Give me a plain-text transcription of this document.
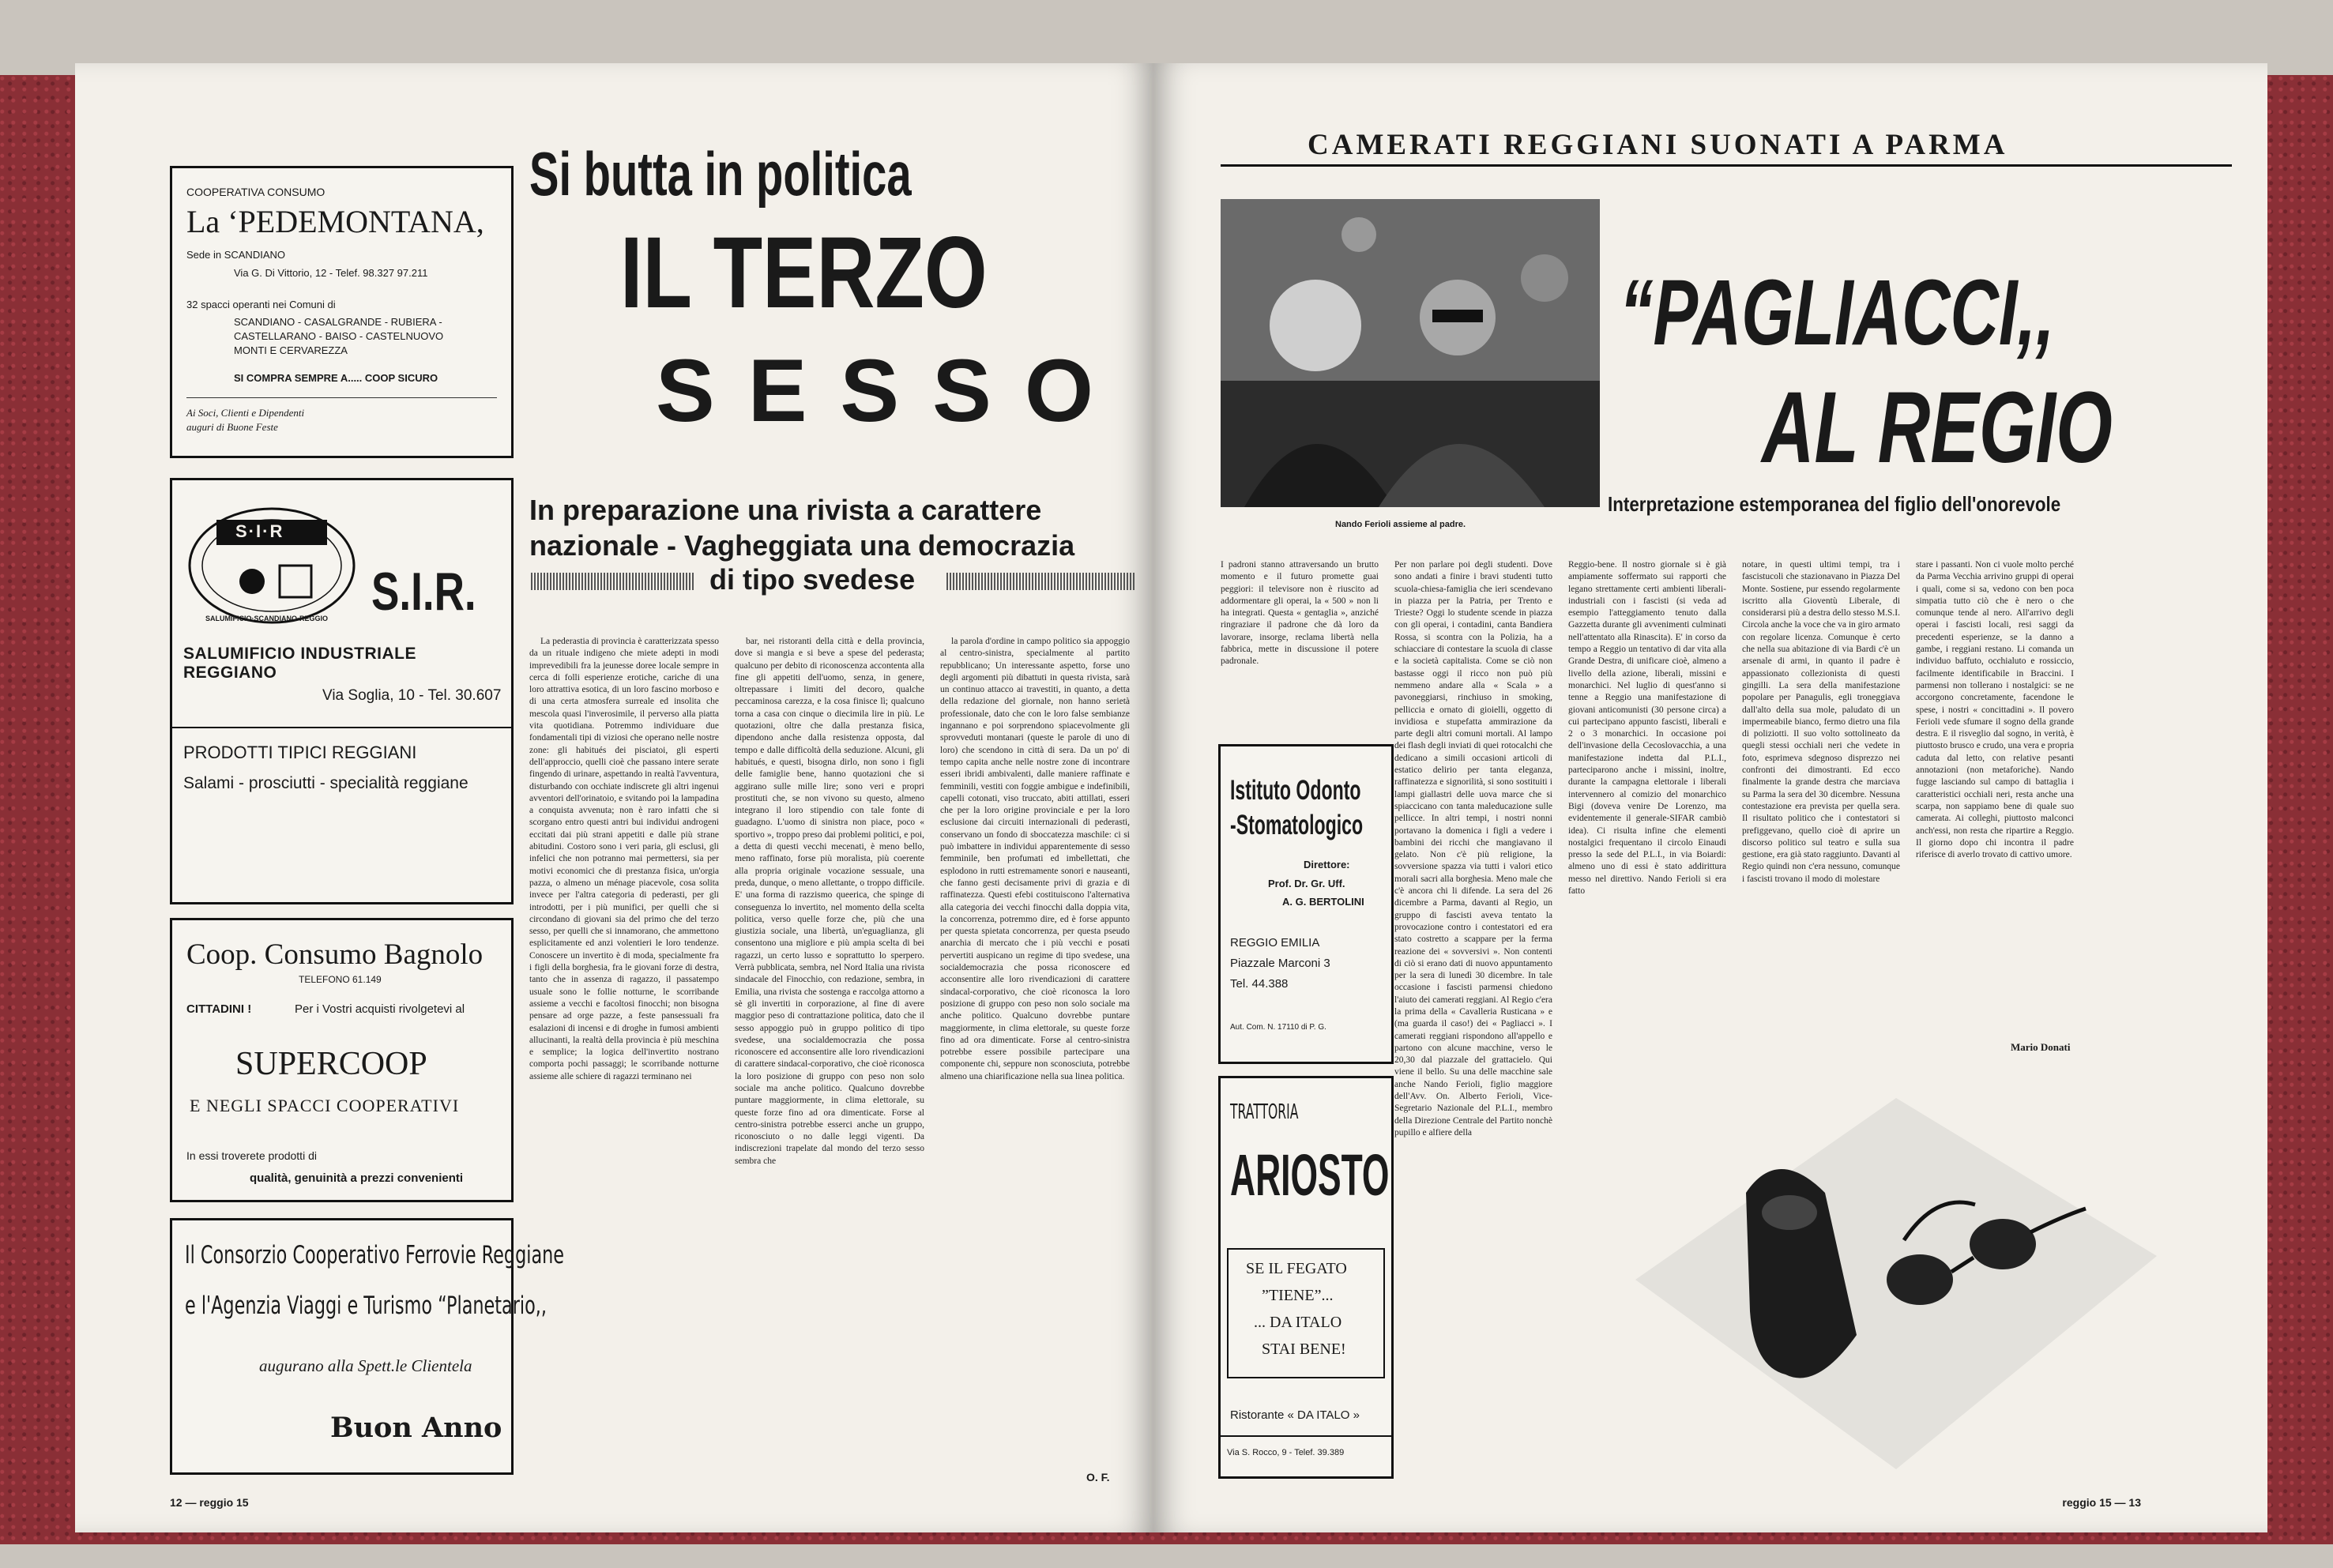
COOPERATIVA CONSUMO
La ‘PEDEMONTANA,
Sede in SCANDIANO
Via G. Di Vittorio, 12 - Telef. 98.327 97.211
32 spacci operanti nei Comuni di
SCANDIANO - CASALGRANDE - RUBIERA -
CASTELLARANO - BAISO - CASTELNUOVO
MONTI E CERVAREZZA
SI COMPRA SEMPRE A..... COOP SICURO
Ai Soci, Clienti e Dipendenti
auguri di Buone Feste
S·I·R
SALUMIFICIO·SCANDIANO·REGGIO S.I.R.
SALUMIFICIO INDUSTRIALE REGGIANO
Via Soglia, 10 - Tel. 30.607
PRODOTTI TIPICI REGGIANI
Salami - prosciutti - specialità reggiane
Coop. Consumo Bagnolo
TELEFONO 61.149
CITTADINI !	Per i Vostri acquisti rivolgetevi al
SUPERCOOP
E NEGLI SPACCI COOPERATIVI
In essi troverete prodotti di
qualità, genuinità a prezzi convenienti
Il Consorzio Cooperativo Ferrovie Reggiane
e l'Agenzia Viaggi e Turismo “Planetario,,
augurano alla Spett.le Clientela
Buon Anno
Si butta in politica
IL TERZO
SESSO
In preparazione una rivista a carattere
nazionale - Vagheggiata una democrazia
di tipo svedese
La pederastia di provincia è caratterizzata spesso da un rituale indigeno che miete adepti in modi imprevedibili fra la jeunesse doree locale sempre in cerca di folli esperienze erotiche, cariche di una loro attrattiva esotica, di un loro fascino morboso e di una certa atmosfera surreale ed insolita che mescola quasi l'inverosimile, il perverso alla piatta vita quotidiana. Potremmo individuare due fondamentali tipi di viziosi che operano nelle nostre zone: gli habitués dei pisciatoi, gli esperti dell'approccio, quelli cioè che passano intere serate fingendo di urinare, aspettando in realtà l'avventura, disturbando con occhiate indiscrete gli altri ingenui avventori dell'orinatoio, e svitando poi la lampadina a conquista avvenuta; non è raro infatti che si scorgano entro questi antri bui individui androgeni eccitati dai più strani appetiti e dalle più strane abitudini. Costoro sono i veri paria, gli esclusi, gli infelici che non potranno mai permettersi, sia per motivi economici che di prestanza fisica, un'orgia pazza, o almeno un ménage piacevole, cosa solita invece per l'altra categoria di pederasti, per gli introdotti, per i più munifici, per quelli che si circondano di giovani sia del primo che del terzo sesso, per quelli che si innamorano, che ammettono esplicitamente ed anzi volentieri le loro tendenze. Conoscere un invertito è di moda, specialmente fra i figli della borghesia, fra le giovani forze di destra, tanto che in assenza di ragazzo, il passatempo usuale sono le follie notturne, le scorribande assieme a vecchi e facoltosi finocchi; non bisogna pensare ad orge pazze, a feste pansessuali fra esalazioni di incensi e di droghe in fumosi ambienti allucinanti, la realtà della provincia è più meschina e semplice; la logica dell'invertito nostrano comporta pochi passaggi; le scorribande notturne assieme alle schiere di ragazzi terminano nei
bar, nei ristoranti della città e della provincia, dove si mangia e si beve a spese del pederasta; qualcuno per debito di riconoscenza accontenta alla fine gli appetiti dell'uomo, senza, in genere, oltrepassare i limiti del decoro, qualche peccaminosa carezza, e la cosa finisce lì; qualcuno torna a casa con cinque o diecimila lire in più. Le quotazioni, oltre che dalla prestanza fisica, dipendono anche dalla resistenza opposta, dal tempo e dalle difficoltà della seduzione. Alcuni, gli habitués, e questi, bisogna dirlo, non sono i figli delle famiglie bene, hanno quotazioni che si aggirano sulle mille lire; sono veri e propri prostituti che, se non vivono su questo, almeno integrano il loro stipendio con tale fonte di guadagno. L'uomo di sinistra non piace, poco « sportivo », troppo preso dai problemi politici, e poi, a detta di questi vecchi mecenati, è meno bello, meno raffinato, forse più moralista, più coerente alla propria originale vocazione sessuale, una preda, dunque, o meno allettante, o troppo difficile. E' una forma di razzismo queerica, che spinge di conseguenza lo invertito, nel momento della scelta politica, verso quelle forze che, più che una giustizia sociale, una libertà, un'eguaglianza, gli consentono una migliore e più ampia scelta di bei ragazzi, un certo lusso e soprattutto lo sperpero. Verrà pubblicata, sembra, nel Nord Italia una rivista sindacale del Finocchio, con redazione, sembra, in Emilia, una rivista che sostenga e raccolga attorno a sè gli invertiti in corporazione, al fine di avere maggior peso di contrattazione politica, dato che il sesso appoggio può in gruppo politico di tipo svedese, una socialdemocrazia che possa riconoscere ed acconsentire alle loro rivendicazioni di carattere sindacal-corporativo, che cioè riconosca la loro posizione di gruppo con peso non solo sociale ma anche politico. Qualcuno dovrebbe puntare maggiormente, in clima elettorale, su queste forze fino ad ora dimenticate. Forse al centro-sinistra potrebbe esserci anche un gruppo, riconosciuto o no dalle leggi vigenti. Da indiscrezioni trapelate dal mondo del terzo sesso sembra che
la parola d'ordine in campo politico sia appoggio al centro-sinistra, specialmente al partito repubblicano; Un interessante aspetto, forse uno degli argomenti più dibattuti in questa rivista, sarà un continuo attacco ai travestiti, in quanto, a detta della redazione del giornale, non hanno serietà professionale, dato che con le loro false sembianze ingannano e poi sorprendono spiacevolmente gli sprovveduti montanari (queste le parole di uno di loro) che scendono in città di sera. Da un po' di tempo capita anche nelle nostre zone di incontrare esseri ibridi ambivalenti, dalle maniere raffinate e femminili, vestiti con foggie ambigue e indefinibili, capelli cotonati, viso truccato, abiti attillati, esseri che per la loro origine provinciale e per la loro esclusione dai circuiti internazionali di pederasti, conservano un fondo di sboccatezza maschile: ci si può imbattere in individui apparentemente di sesso femminile, ben profumati ed imbellettati, che esplodono in rutti estremamente sonori e nauseanti, che fanno gesti decisamente privi di grazia e di raffinatezza. Questi efebi costituiscono l'alternativa alla categoria dei vecchi finocchi dalla doppia vita, la concorrenza, potremmo dire, ed è forse appunto per questa spietata concorrenza, per questa pseudo anarchia di mercato che i più vecchi e posati pervertiti auspicano un regime di tipo svedese, una socialdemocrazia che possa riconoscere ed acconsentire alle loro rivendicazioni di carattere sindacal-corporativo, che cioè riconosca la loro posizione di gruppo con peso non solo sociale ma anche politico. Qualcuno dovrebbe puntare maggiormente, in clima elettorale, su queste forze fino ad ora dimenticate. Forse al centro-sinistra potrebbe essere possibile partecipare una componente chi, seppure non sconosciuta, potrebbe almeno una chiarificazione nella sua linea politica.
O. F.
12 — reggio 15
CAMERATI REGGIANI SUONATI A PARMA
Nando Ferioli assieme al padre.
“PAGLIACCI,,
AL REGIO
Interpretazione estemporanea del figlio dell'onorevole
I padroni stanno attraversando un brutto momento e il futuro promette guai peggiori: il televisore non è riuscito ad addormentare gli operai, la « 500 » non li ha integrati. Questa « gentaglia », anziché ringraziare il padrone che dà loro da lavorare, insorge, reclama libertà nella fabbrica, mette in discussione il potere padronale.
Per non parlare poi degli studenti. Dove sono andati a finire i bravi studenti tutto scuola-chiesa-famiglia che ieri scendevano in piazza per la Patria, per Trento e Trieste? Oggi lo studente scende in piazza con gli operai, i contadini, canta Bandiera Rossa, si scontra con la Polizia, ha a schiacciare di contestare la scuola di classe e la società capitalista. Come se ciò non bastasse oggi il ricco non può più nemmeno andare alla « Scala » a pavoneggiarsi, rinchiuso in smoking, pelliccia e ornato di gioielli, oggetto di invidiosa e stupefatta ammirazione da parte degli altri comuni mortali. Al lampo dei flash degli inviati di quei rotocalchi che dedicano a simili occasioni articoli di estatico delirio per tanta eleganza, raffinatezza e signorilità, si sono sostituiti i lampi giallastri delle uova marce che si spiaccicano con tanta maleducazione sulle pellicce. In altri tempi, i nostri nonni portavano la domenica i figli a vedere i bambini dei ricchi che mangiavano il gelato. Non c'è più religione, la sovversione spazza via tutti i valori etico morali sacri alla borghesia. Meno male che c'è ancora chi li difende. La sera del 26 dicembre a Parma, davanti al Regio, un gruppo di fascisti aveva tentato la provocazione contro i contestatori ed era stato costretto a scappare per la ferma reazione dei « sovversivi ». Non contenti di ciò si erano dati di nuovo appuntamento per la sera di lunedì 30 dicembre. In tale occasione i fascisti parmensi chiedono l'aiuto dei camerati reggiani. Al Regio c'era la prima della « Cavalleria Rusticana » e (ma guarda il caso!) dei « Pagliacci ». I camerati reggiani rispondono all'appello e partono con alcune macchine, verso le 20,30 dal piazzale del grattacielo. Qui viene il bello. Su una delle macchine sale anche Nando Ferioli, figlio maggiore dell'Avv. On. Alberto Ferioli, Vice-Segretario Nazionale del P.L.I., membro della Direzione Centrale del Partito nonchè pupillo e alfiere della
Reggio-bene. Il nostro giornale si è già ampiamente soffermato sui rapporti che legano strettamente certi ambienti liberali-industriali con i fascisti (si veda ad esempio l'atteggiamento tenuto dalla Gazzetta durante gli avvenimenti culminati nell'attentato alla Rinascita). E' in corso da tempo a Reggio un tentativo di dar vita alla Grande Destra, di unificare cioè, almeno a livello della azione, liberali, missini e monarchici. Nel luglio di quest'anno si tenne a Reggio una manifestazione di giovani anticomunisti (30 persone circa) a cui partecipano appunto fascisti, liberali e 2 o 3 monarchici. In occasione poi dell'invasione della Cecoslovacchia, a una manifestazione indetta dal P.L.I., parteciparono anche i missini, inoltre, durante la campagna elettorale i liberali intervennero al comizio del monarchico Bigi (doveva venire De Lorenzo, ma evidentemente il generale-SIFAR cambiò idea). Ci risulta infine che elementi nostalgici frequentano il circolo Einaudi presso la sede del P.L.I., in via Boiardi: almeno uno di essi è stato addirittura messo nel direttivo. Nando Ferioli si era fatto
notare, in questi ultimi tempi, tra i fascistucoli che stazionavano in Piazza Del Monte. Sostiene, pur essendo regolarmente iscritto alla Gioventù Liberale, di considerarsi più a destra dello stesso M.S.I. Circola anche la voce che va in giro armato con regolare licenza. Comunque è certo che nella sua abitazione di via Bardi c'è un arsenale di armi, in quanto il padre è appassionato collezionista di questi gingilli. La sera della manifestazione popolare per Panagulis, egli troneggiava dall'alto della sua mole, paludato di un impermeabile bianco, fermo dietro una fila di poliziotti. Il suo volto sottolineato da quegli stessi occhiali neri che vedete in foto, esprimeva sdegnoso disprezzo nei confronti dei dimostranti. Ed ecco finalmente la grande destra che marciava su Parma la sera del 30 dicembre. Nessuna contestazione era prevista per quella sera. Il risultato politico che i contestatori si prefiggevano, quello cioè di aprire un discorso politico sul teatro e sulla sua gestione, era già stato raggiunto. Davanti al Regio quindi non c'era nessuno, comunque i fascisti trovano il modo di molestare
stare i passanti. Non ci vuole molto perché da Parma Vecchia arrivino gruppi di operai i quali, come si sa, vedono con ben poca simpatia tutto ciò che è nero o che comunque tende al nero. All'arrivo degli operai i fascisti locali, resi saggi da precedenti esperienze, se la danno a gambe, i reggiani restano. Li comanda un individuo baffuto, occhialuto e rossiccio, facilmente identificabile in Braccini. I parmensi non tollerano i nostalgici: se ne accorgono concretamente, facendone le spese, i nostri « concittadini ». Il povero Ferioli vede sfumare il sogno della grande destra. E il risveglio dal sogno, in verità, è piuttosto brusco e crudo, una vera e propria caduta dal letto, con relative pesanti annotazioni (non metaforiche). Nando fugge lasciando sul campo di battaglia i caratteristici occhiali neri, resta anche una scarpa, non sappiamo bene di quale suo camerata. Ai colleghi, piuttosto malconci anch'essi, non resta che ripartire a Reggio. Il giorno dopo chi incontra il padre riferisce di averlo trovato di cattivo umore.
Mario Donati
Istituto Odonto
-Stomatologico
Direttore:
Prof. Dr. Gr. Uff.
A. G. BERTOLINI
REGGIO EMILIA
Piazzale Marconi 3
Tel. 44.388
Aut. Com. N. 17110 di P. G.
TRATTORIA
ARIOSTO
SE IL FEGATO
”TIENE”...
... DA ITALO
STAI BENE!
Ristorante « DA ITALO »
Via S. Rocco, 9 - Telef. 39.389
reggio 15 — 13
